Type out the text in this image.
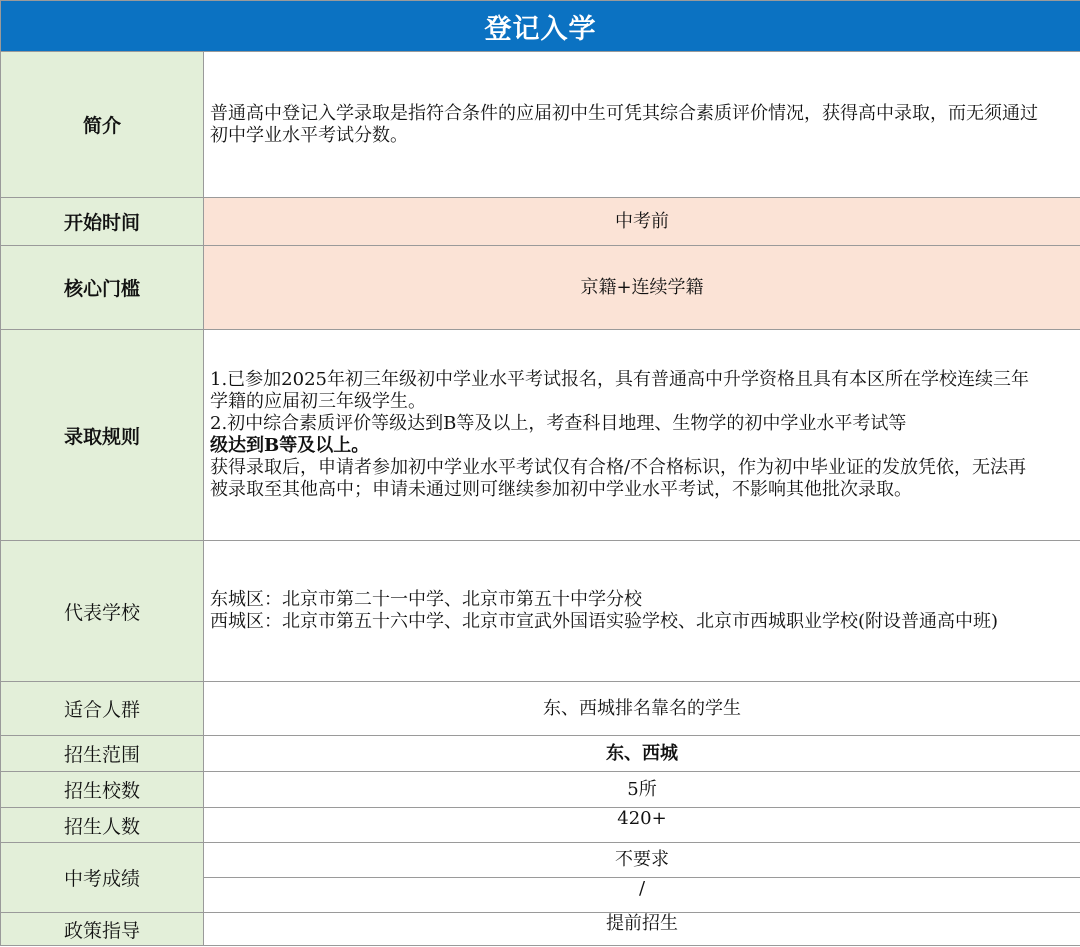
登记入学	
简介	普通高中登记入学录取是指符合条件的应届初中生可凭其综合素质评价情况，获得高中录取，而无须通过初中学业水平考试分数。

开始时间	中考前
核心门槛	京籍+连续学籍
录取规则	1.已参加2025年初三年级初中学业水平考试报名，具有普通高中升学资格且具有本区所在学校连续三年学籍的应届初三年级学生。
2.初中综合素质评价等级达到B等及以上，考查科目地理、生物学的初中学业水平考试等
级达到B等及以上。
获得录取后，申请者参加初中学业水平考试仅有合格/不合格标识，作为初中毕业证的发放凭依，无法再被录取至其他高中；申请未通过则可继续参加初中学业水平考试，不影响其他批次录取。

代表学校	东城区：北京市第二十一中学、北京市第五十中学分校
西城区：北京市第五十六中学、北京市宣武外国语实验学校、北京市西城职业学校(附设普通高中班)

适合人群	东、西城排名靠名的学生
招生范围	东、西城
招生校数	5所
招生人数	420+
中考成绩	不要求
	/
政策指导	提前招生
